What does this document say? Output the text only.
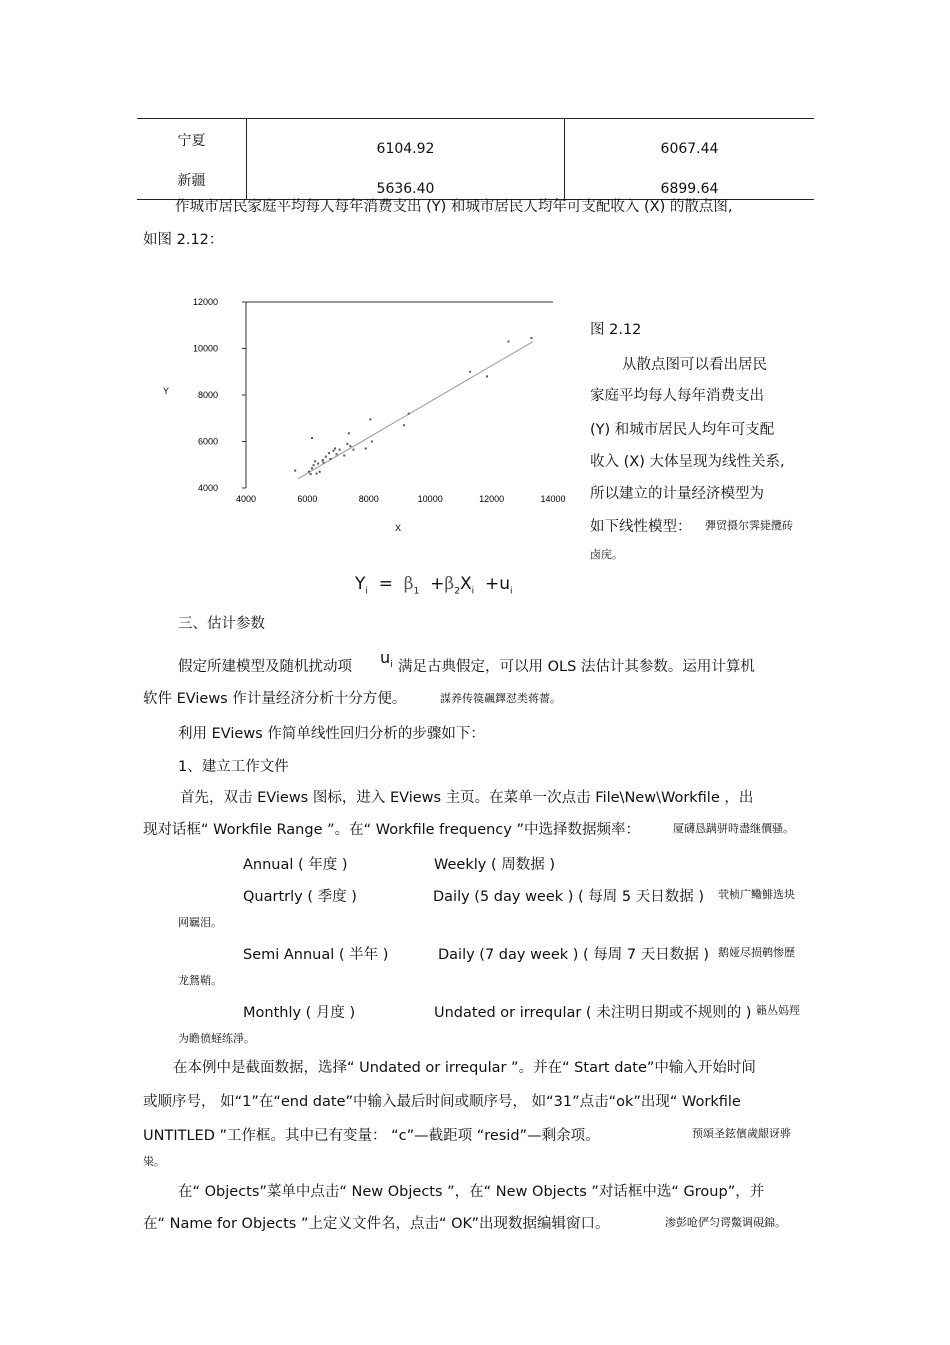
宁夏	6104.92	6067.44
新疆	5636.40	6899.64
作城市居民家庭平均每人每年消费支出 (Y) 和城市居民人均年可支配收入 (X) 的散点图,
如图 2.12：
4000
6000
8000
10000
12000
4000	6000	8000	10000	12000	14000
Y
X
图 2.12
从散点图可以看出居民
家庭平均每人每年消费支出
(Y) 和城市居民人均年可支配
收入 (X) 大体呈现为线性关系,
所以建立的计量经济模型为
如下线性模型： 彈贸摄尔霁毙攬砖
卤庑。
$Y_i = \beta_1 +\beta_2X_i +u_i$
三、估计参数
假定所建模型及随机扰动项 $u_i$ 满足古典假定，可以用 OLS 法估计其参数。运用计算机
软件 EViews 作计量经济分析十分方便。	謀养传篌飆鐸怼类蒋薔。
利用 EViews 作简单线性回归分析的步骤如下：
1、建立工作文件
首先，双击 EViews 图标，进入 EViews 主页。在菜单一次点击 File\New\Workfile ，出
现对话框“ Workfile Range ”。在“ Workfile frequency ”中选择数据频率：	厦礴恳蹒骈時盡继價骚。
Annual ( 年度 )	Weekly ( 周数据 )
Quartrly ( 季度 )	Daily (5 day week ) ( 每周 5 天日数据 ) 茕桢广鳓鯡选块
网羈泪。
Semi Annual ( 半年 )	Daily (7 day week ) ( 每周 7 天日数据 ) 鹅娅尽损鹌惨歷
龙鴛鞘。
Monthly ( 月度 )	Undated or irreqular ( 未注明日期或不规则的 ) 籟丛妈羥
为瞻偾蛏练淨。
在本例中是截面数据，选择“ Undated or irreqular ”。并在“ Start date”中输入开始时间
或顺序号， 如“1”在“end date”中输入最后时间或顺序号， 如“31”点击“ok”出现“ Workfile
UNTITLED ”工作框。其中已有变量： “c”—截距项 “resid”—剩余项。	预頌圣鉉儐歲龈讶骅
粜。
在“ Objects”菜单中点击“ New Objects ”，在“ New Objects ”对话框中选“ Group”，并
在“ Name for Objects ”上定义文件名，点击“ OK”出现数据编辑窗口。	渗彭呛俨匀谔鱉调硯錦。
